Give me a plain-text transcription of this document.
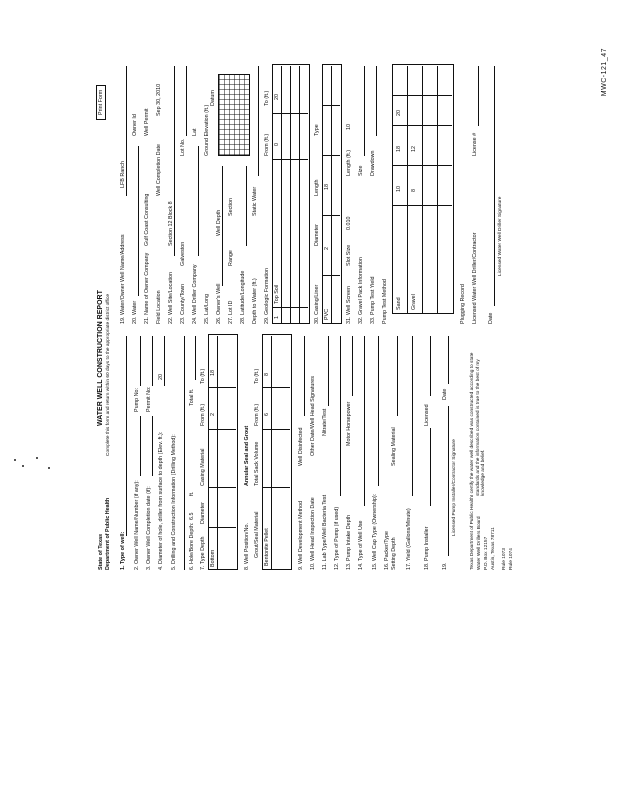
MWC-121_47
State of Texas Department of Public Health
WATER WELL CONSTRUCTION REPORT Complete this form and return within 60 days to the appropriate district office
Print Form
1. Type of well: 2. Owner Well Name/Number (if any):
Pump No:
3. Owner Well Completion date (if):
Permit No:
4. Diameter of hole, driller from surface to depth (Elev. ft.):
20
5. Drilling and Construction Information (Drilling Method): 6. Hole/Bore Depth:
6.5
ft.
Total ft.
7. Type Depth
Diameter
Casing Material
From (ft.)
To (ft.)
Bottom
2
18
8. Well Position/No.
Annular Seal and Grout
Grout/Seal Material
Total Sack Volume
From (ft.)
To (ft.)
Bentonite Pellet
6
8
9. Well Development Method
Well Disinfected
10. Well Head Inspection Date
Other Date/Well Head Signatures
11. Lab Type/Well Bacteria Test
Nitrate/Test
12. Type of Pump (if used) 13. Pump Intake Depth
Motor Horsepower
14. Type of Well Use 15. Well Cap Type (Ownership): 16. Packer/Type Setting Depth
Sealing Material
17. Yield (Gallons/Minute) 18. Pump Installer
Licensed
19.
Date
Licensed Pump Installer/Contractor Signature	Texas Department of Public Health Water Well Drillers Board P.O. Box 12157 Austin, Texas 78711 Rule 1073 Rule 1074
I certify the water well described was constructed according to state standards and the information contained is true to the best of my knowledge and belief.
19. Water/Owner Well Name/Address
LFB Ranch
20. Water
Owner Id
21. Name of Owner Company
Gulf Coast Consulting
Well Permit
Field Location
Well Completion Date
Sep 30, 2010
22. Well Site/Location
Section 12 Block 8
23. County/Town
Galveston
Lot No.
24. Well Driller Company
Lat
25. Lat/Long
Ground Elevation (ft.)
Datum
26. Owner's Well
Well Depth
27. Lot ID
Range
Section
28. Latitude/Longitude Depth to Water (ft.)
Static Water
29. Geologic Formation
From (ft.)
To (ft.)
1
Top Soil
0
20
30. Casing/Liner
Diameter
Length
Type
PVC
2
18
31. Well Screen
Slot Size
0.010
Length (ft.)
10
32. Gravel Pack Information
Size
33. Pump Test Yield
Drawdown
Pump Test Method Sand
10
18
20
Gravel
8
12
Plugging Record Licensed Water Well Driller/Contractor
License #
Date
Licensed Water Well Driller Signature
